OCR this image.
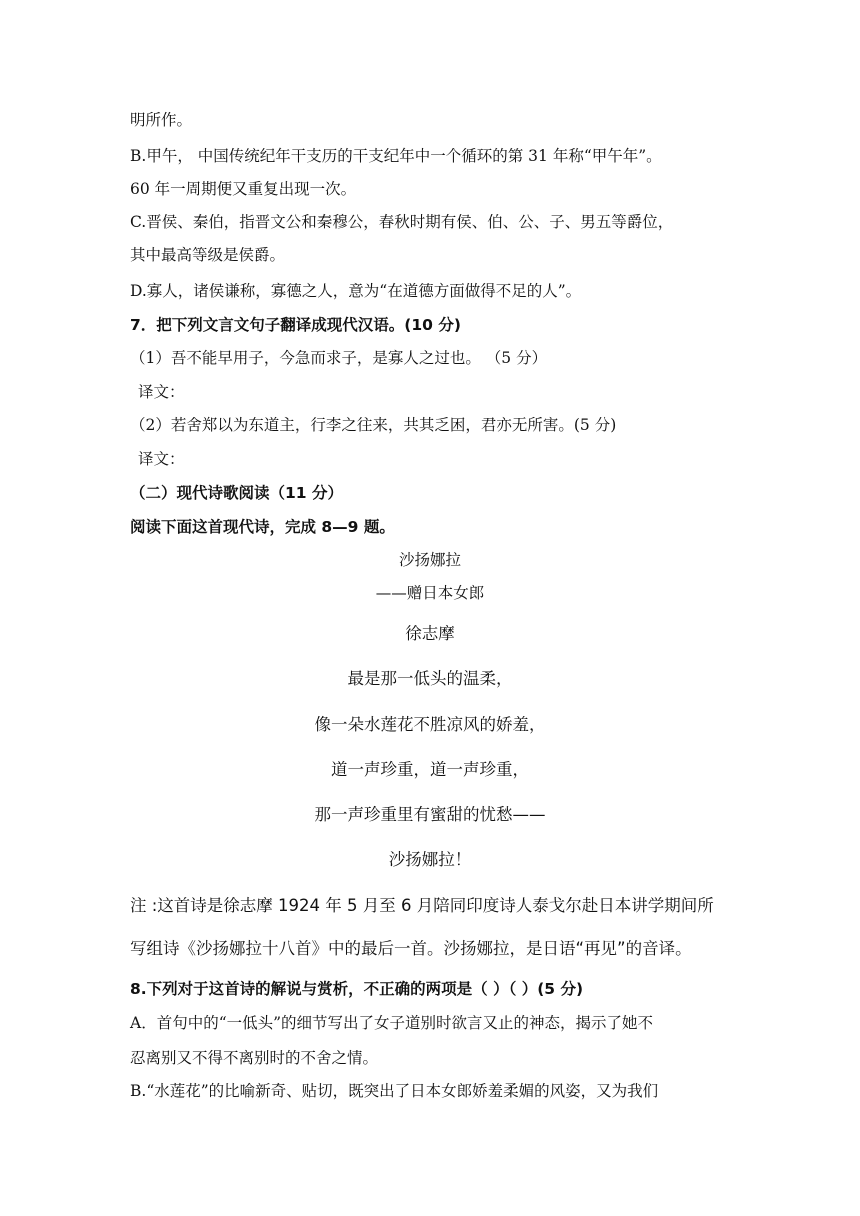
明所作。
B.甲午， 中国传统纪年干支历的干支纪年中一个循环的第 31 年称“甲午年”。
60 年一周期便又重复出现一次。
C.晋侯、秦伯，指晋文公和秦穆公，春秋时期有侯、伯、公、子、男五等爵位，
其中最高等级是侯爵。
D.寡人，诸侯谦称，寡德之人，意为“在道德方面做得不足的人”。
7．把下列文言文句子翻译成现代汉语。(10 分)
（1）吾不能早用子，今急而求子，是寡人之过也。 （5 分）
译文：
（2）若舍郑以为东道主，行李之往来，共其乏困，君亦无所害。(5 分)
译文：
（二）现代诗歌阅读（11 分）
阅读下面这首现代诗，完成 8—9 题。
沙扬娜拉
——赠日本女郎
徐志摩
最是那一低头的温柔，
像一朵水莲花不胜凉风的娇羞，
道一声珍重，道一声珍重，
那一声珍重里有蜜甜的忧愁——
沙扬娜拉！
注 :这首诗是徐志摩 1924 年 5 月至 6 月陪同印度诗人泰戈尔赴日本讲学期间所
写组诗《沙扬娜拉十八首》中的最后一首。沙扬娜拉，是日语“再见”的音译。
8.下列对于这首诗的解说与赏析，不正确的两项是（ ）（ ）(5 分)
A．首句中的“一低头”的细节写出了女子道别时欲言又止的神态，揭示了她不
忍离别又不得不离别时的不舍之情。
B.“水莲花”的比喻新奇、贴切，既突出了日本女郎娇羞柔媚的风姿，又为我们
